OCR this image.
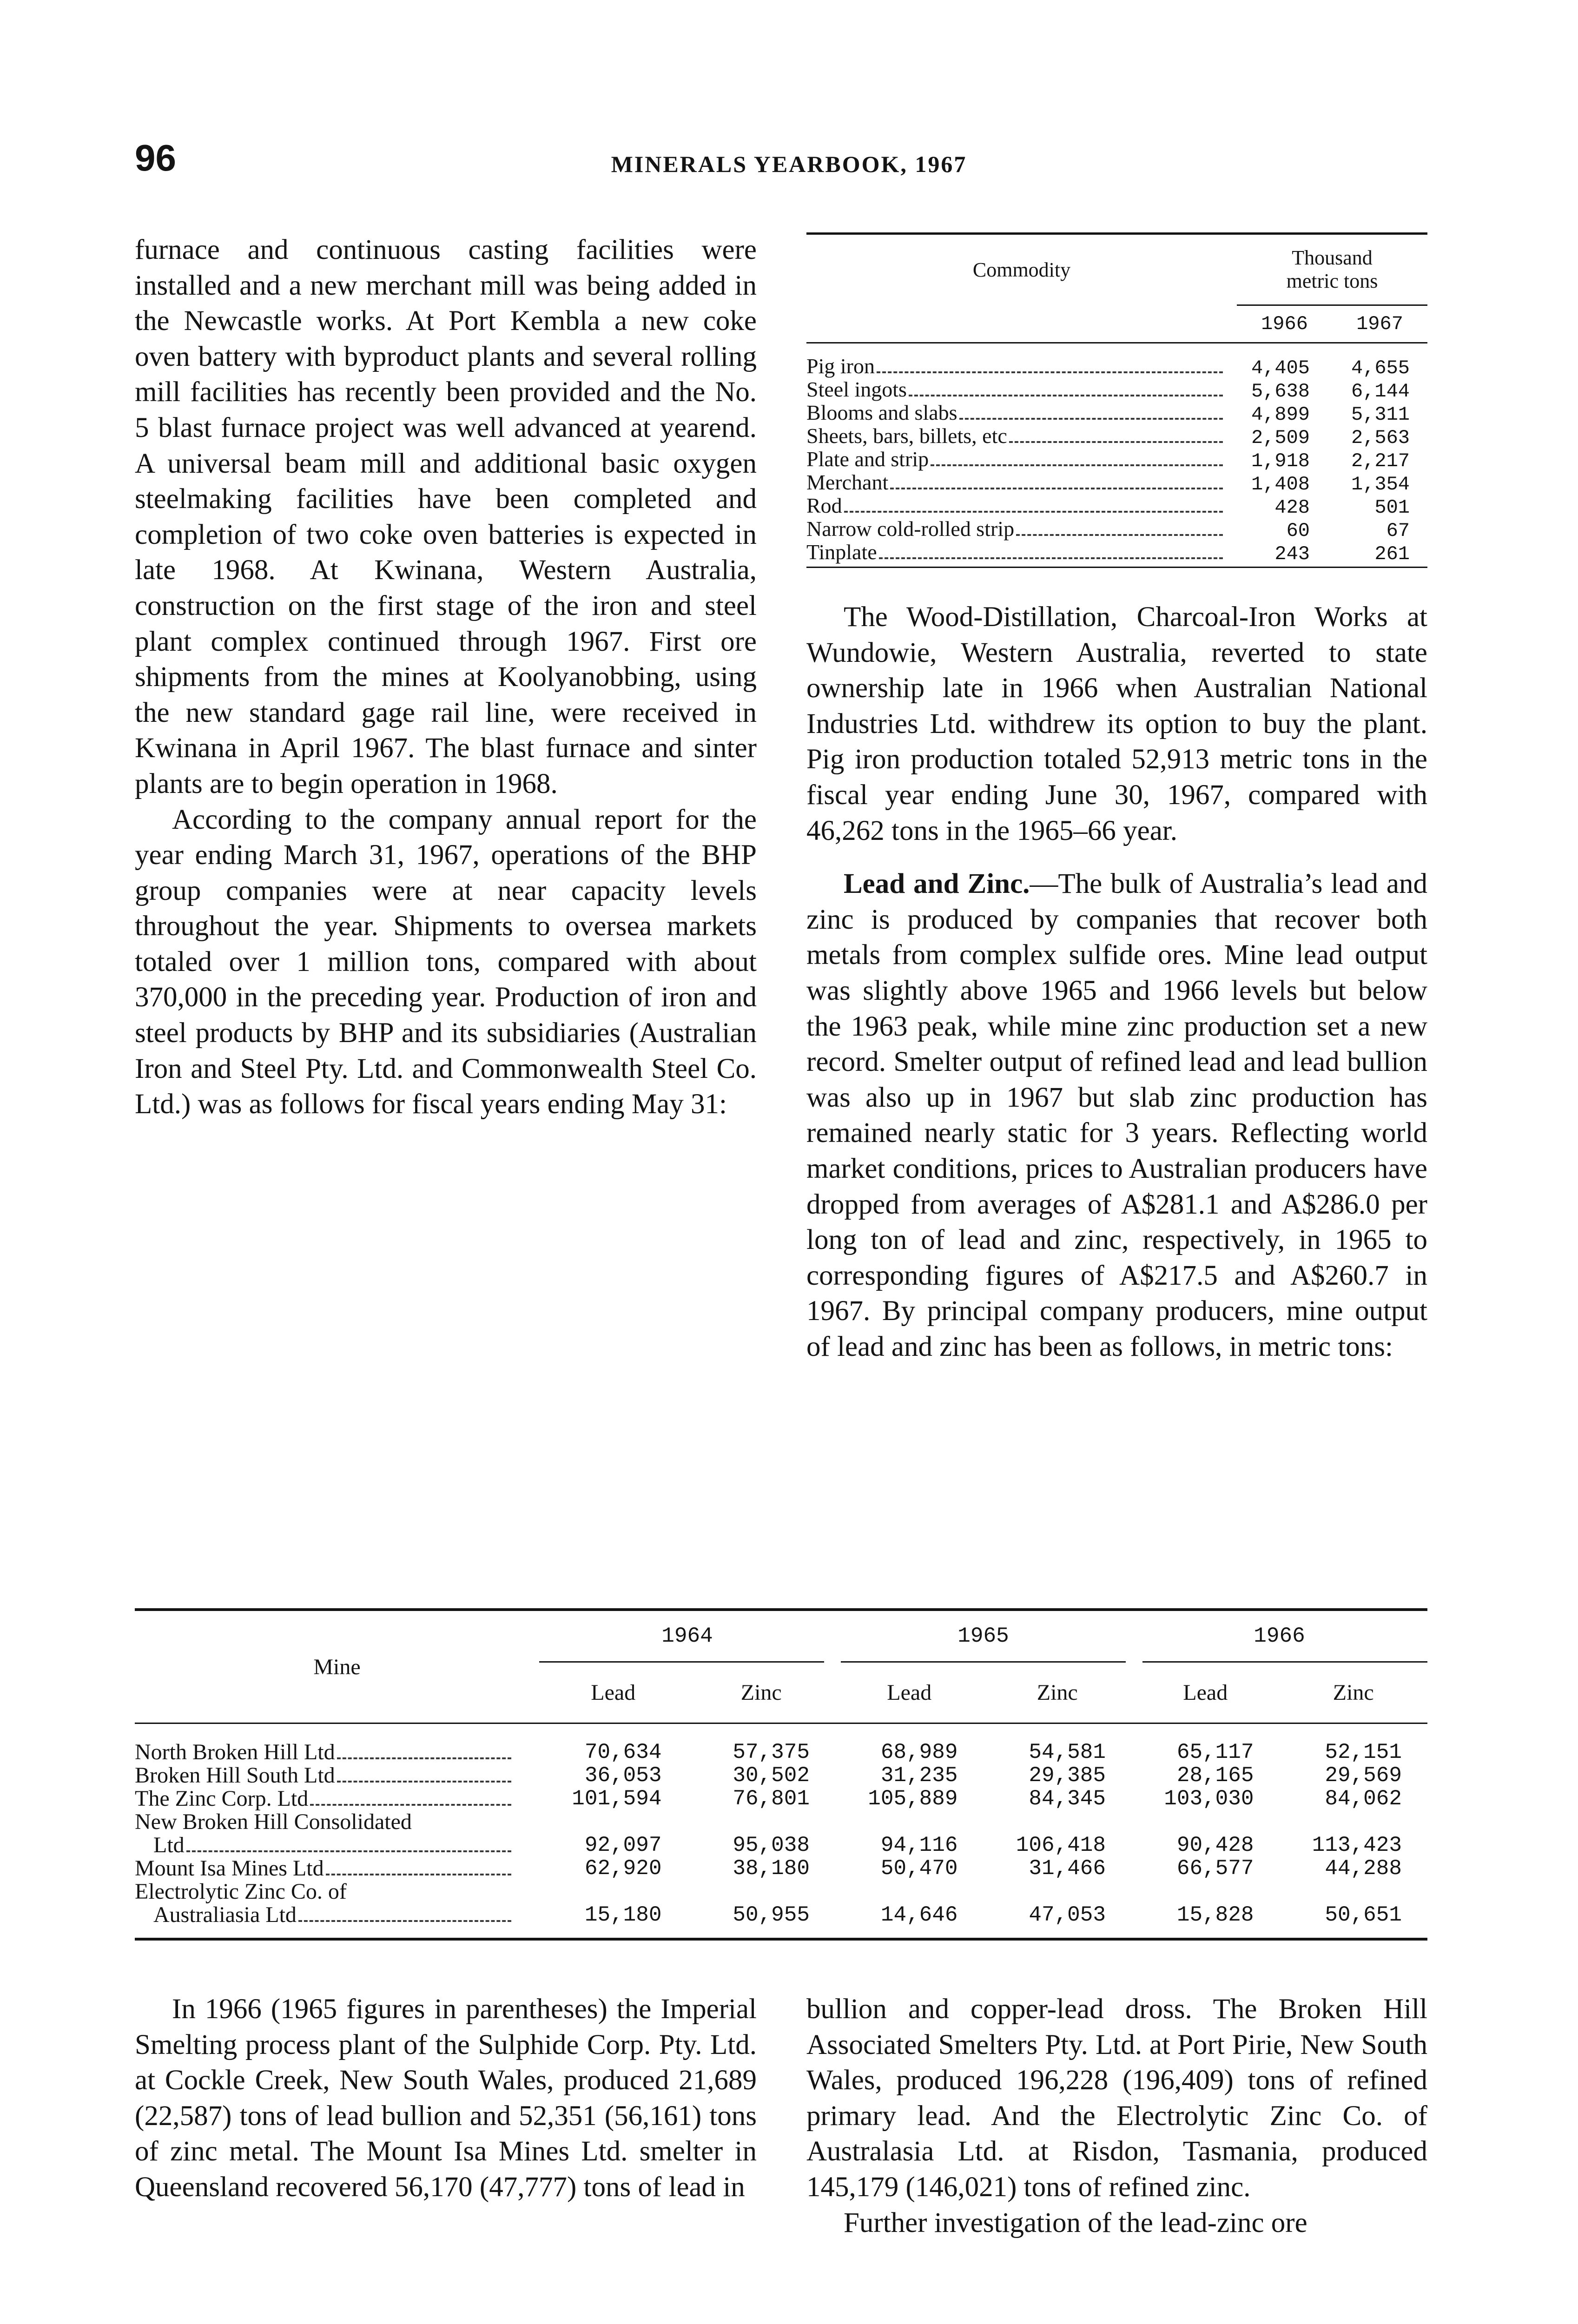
96	MINERALS YEARBOOK, 1967

furnace and continuous casting facilities were installed and a new merchant mill was being added in the Newcastle works. At Port Kembla a new coke oven battery with byproduct plants and several rolling mill facilities has recently been provided and the No. 5 blast furnace project was well advanced at yearend. A universal beam mill and additional basic oxygen steelmaking facilities have been completed and completion of two coke oven batteries is expected in late 1968. At Kwinana, Western Australia, construction on the first stage of the iron and steel plant complex continued through 1967. First ore shipments from the mines at Koolyanobbing, using the new standard gage rail line, were received in Kwinana in April 1967. The blast furnace and sinter plants are to begin operation in 1968.

According to the company annual report for the year ending March 31, 1967, operations of the BHP group companies were at near capacity levels throughout the year. Shipments to oversea markets totaled over 1 million tons, compared with about 370,000 in the preceding year. Production of iron and steel products by BHP and its subsidiaries (Australian Iron and Steel Pty. Ltd. and Commonwealth Steel Co. Ltd.) was as follows for fiscal years ending May 31:

Commodity
Thousand
metric tons
1966	1967
Pig iron	4,405	4,655
Steel ingots	5,638	6,144
Blooms and slabs	4,899	5,311
Sheets, bars, billets, etc	2,509	2,563
Plate and strip	1,918	2,217
Merchant	1,408	1,354
Rod	428	501
Narrow cold-rolled strip	60	67
Tinplate	243	261

The Wood-Distillation, Charcoal-Iron Works at Wundowie, Western Australia, reverted to state ownership late in 1966 when Australian National Industries Ltd. withdrew its option to buy the plant. Pig iron production totaled 52,913 metric tons in the fiscal year ending June 30, 1967, compared with 46,262 tons in the 1965–66 year.

Lead and Zinc.—The bulk of Australia’s lead and zinc is produced by companies that recover both metals from complex sulfide ores. Mine lead output was slightly above 1965 and 1966 levels but below the 1963 peak, while mine zinc production set a new record. Smelter output of refined lead and lead bullion was also up in 1967 but slab zinc production has remained nearly static for 3 years. Reflecting world market conditions, prices to Australian producers have dropped from averages of A$281.1 and A$286.0 per long ton of lead and zinc, respectively, in 1965 to corresponding figures of A$217.5 and A$260.7 in 1967. By principal company producers, mine output of lead and zinc has been as follows, in metric tons:

Mine
1964	1965	1966
Lead	Zinc	Lead	Zinc	Lead	Zinc
North Broken Hill Ltd	70,634	57,375	68,989	54,581	65,117	52,151
Broken Hill South Ltd	36,053	30,502	31,235	29,385	28,165	29,569
The Zinc Corp. Ltd	101,594	76,801	105,889	84,345	103,030	84,062
New Broken Hill Consolidated
Ltd	92,097	95,038	94,116	106,418	90,428	113,423
Mount Isa Mines Ltd	62,920	38,180	50,470	31,466	66,577	44,288
Electrolytic Zinc Co. of
Australiasia Ltd	15,180	50,955	14,646	47,053	15,828	50,651

In 1966 (1965 figures in parentheses) the Imperial Smelting process plant of the Sulphide Corp. Pty. Ltd. at Cockle Creek, New South Wales, produced 21,689 (22,587) tons of lead bullion and 52,351 (56,161) tons of zinc metal. The Mount Isa Mines Ltd. smelter in Queensland recovered 56,170 (47,777) tons of lead in

bullion and copper-lead dross. The Broken Hill Associated Smelters Pty. Ltd. at Port Pirie, New South Wales, produced 196,228 (196,409) tons of refined primary lead. And the Electrolytic Zinc Co. of Australasia Ltd. at Risdon, Tasmania, produced 145,179 (146,021) tons of refined zinc.

Further investigation of the lead-zinc ore
